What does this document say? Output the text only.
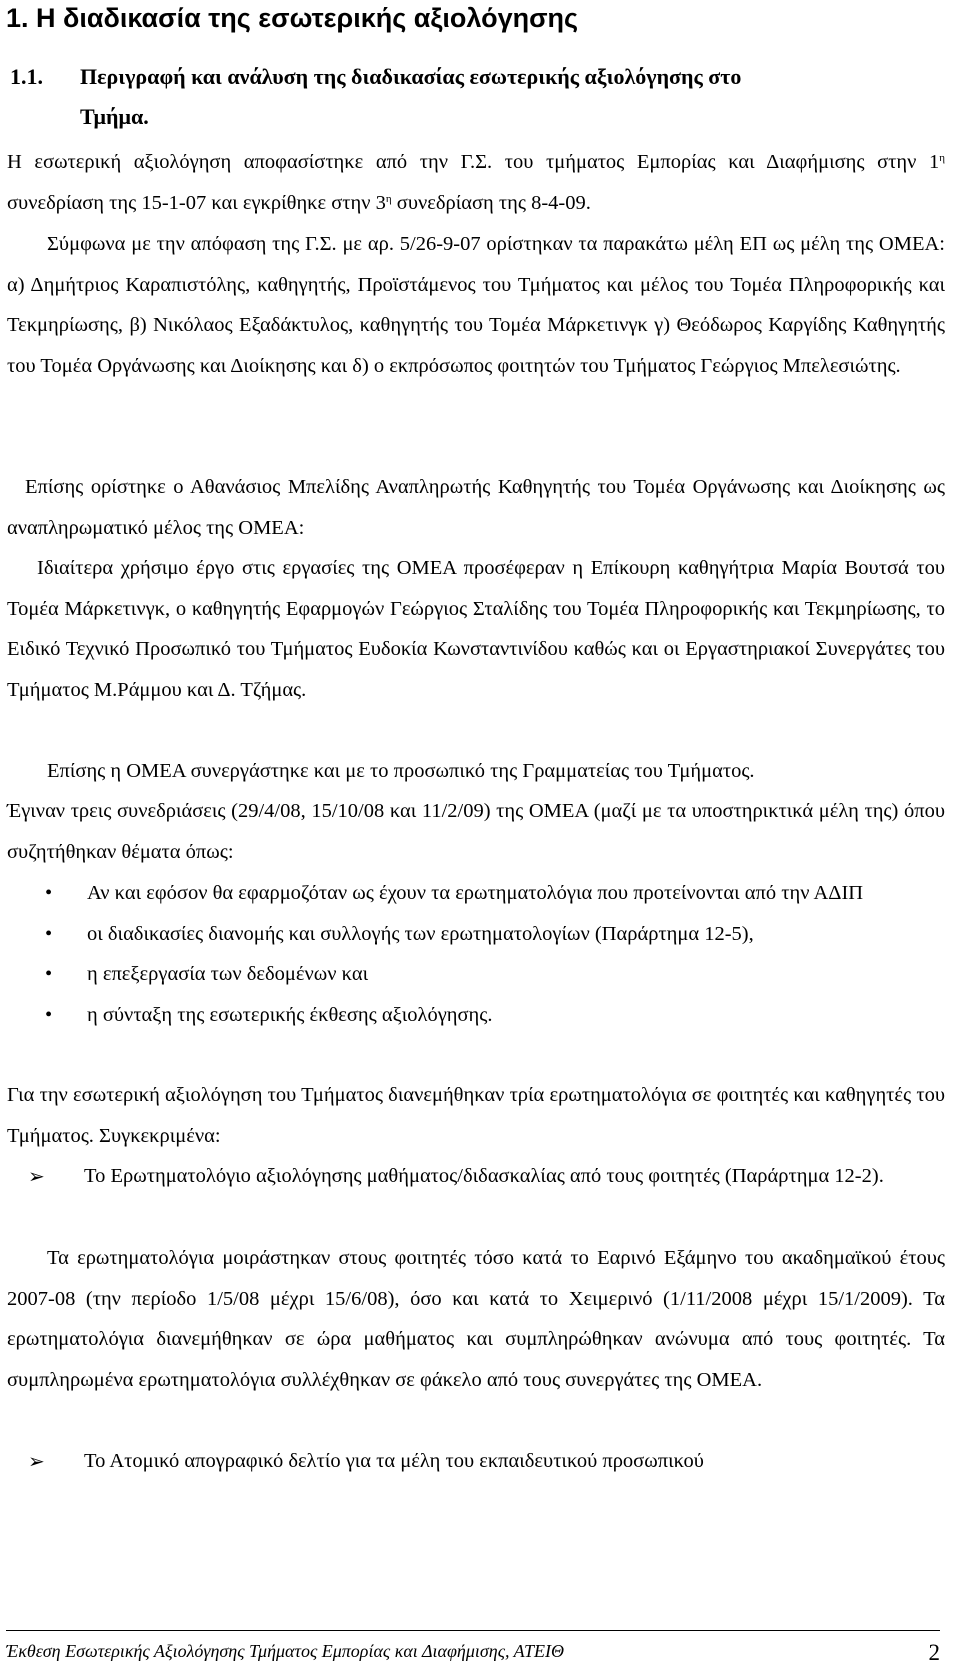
1. Η διαδικασία της εσωτερικής αξιολόγησης
1.1. Περιγραφή και ανάλυση της διαδικασίας εσωτερικής αξιολόγησης στο
Τμήμα.

Η εσωτερική αξιολόγηση αποφασίστηκε από την Γ.Σ. του τμήματος Εμπορίας και Διαφήμισης στην $1^\eta$ συνεδρίαση της 15-1-07 και εγκρίθηκε στην $3^\eta$ συνεδρίαση της 8-4-09.

Σύμφωνα με την απόφαση της Γ.Σ. με αρ. 5/26-9-07 ορίστηκαν τα παρακάτω μέλη ΕΠ ως μέλη της ΟΜΕΑ: α) Δημήτριος Καραπιστόλης, καθηγητής, Προϊστάμενος του Τμήματος και μέλος του Τομέα Πληροφορικής και Τεκμηρίωσης, β) Νικόλαος Εξαδάκτυλος, καθηγητής του Τομέα Μάρκετινγκ γ) Θεόδωρος Καργίδης Καθηγητής του Τομέα Οργάνωσης και Διοίκησης και δ) ο εκπρόσωπος φοιτητών του Τμήματος Γεώργιος Μπελεσιώτης.

Επίσης ορίστηκε ο Αθανάσιος Μπελίδης Αναπληρωτής Καθηγητής του Τομέα Οργάνωσης και Διοίκησης ως αναπληρωματικό μέλος της ΟΜΕΑ:

Ιδιαίτερα χρήσιμο έργο στις εργασίες της ΟΜΕΑ προσέφεραν η Επίκουρη καθηγήτρια Μαρία Βουτσά του Τομέα Μάρκετινγκ, ο καθηγητής Εφαρμογών Γεώργιος Σταλίδης του Τομέα Πληροφορικής και Τεκμηρίωσης, το Ειδικό Τεχνικό Προσωπικό του Τμήματος Ευδοκία Κωνσταντινίδου καθώς και οι Εργαστηριακοί Συνεργάτες του Τμήματος Μ.Ράμμου και Δ. Τζήμας.

Επίσης η ΟΜΕΑ συνεργάστηκε και με το προσωπικό της Γραμματείας του Τμήματος.

Έγιναν τρεις συνεδριάσεις (29/4/08, 15/10/08 και 11/2/09) της ΟΜΕΑ (μαζί με τα υποστηρικτικά μέλη της) όπου συζητήθηκαν θέματα όπως:

• Αν και εφόσον θα εφαρμοζόταν ως έχουν τα ερωτηματολόγια που προτείνονται από την ΑΔΙΠ
• οι διαδικασίες διανομής και συλλογής των ερωτηματολογίων (Παράρτημα 12-5),
• η επεξεργασία των δεδομένων και
• η σύνταξη της εσωτερικής έκθεσης αξιολόγησης.

Για την εσωτερική αξιολόγηση του Τμήματος διανεμήθηκαν τρία ερωτηματολόγια σε φοιτητές και καθηγητές του Τμήματος. Συγκεκριμένα:

➢ Το Ερωτηματολόγιο αξιολόγησης μαθήματος/διδασκαλίας από τους φοιτητές (Παράρτημα 12-2).

Τα ερωτηματολόγια μοιράστηκαν στους φοιτητές τόσο κατά το Εαρινό Εξάμηνο του ακαδημαϊκού έτους 2007-08 (την περίοδο 1/5/08 μέχρι 15/6/08), όσο και κατά το Χειμερινό (1/11/2008 μέχρι 15/1/2009). Τα ερωτηματολόγια διανεμήθηκαν σε ώρα μαθήματος και συμπληρώθηκαν ανώνυμα από τους φοιτητές. Τα συμπληρωμένα ερωτηματολόγια συλλέχθηκαν σε φάκελο από τους συνεργάτες της ΟΜΕΑ.

➢ Το Ατομικό απογραφικό δελτίο για τα μέλη του εκπαιδευτικού προσωπικού
Έκθεση Εσωτερικής Αξιολόγησης Τμήματος Εμπορίας και Διαφήμισης, ΑΤΕΙΘ	2
